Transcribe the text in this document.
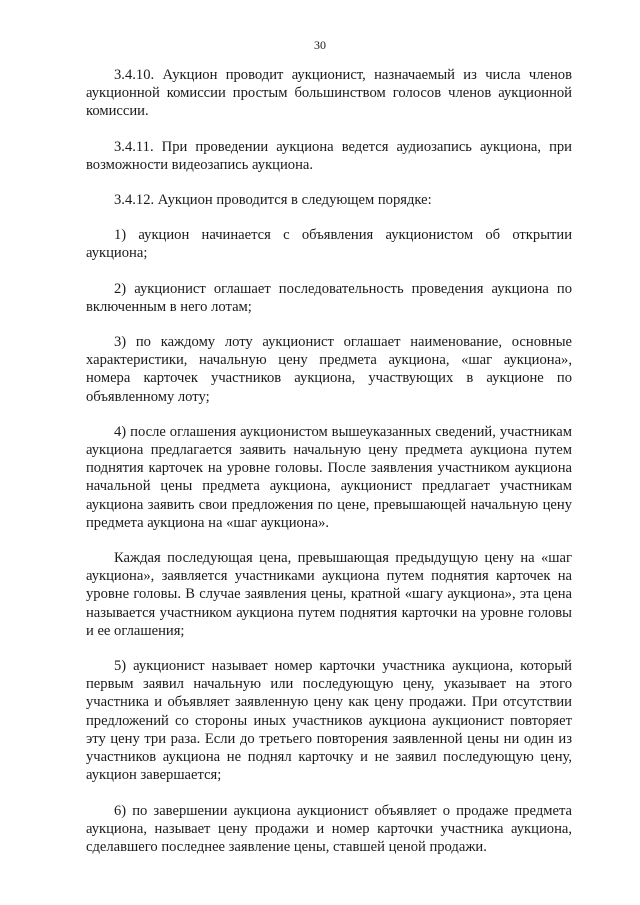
30

3.4.10. Аукцион проводит аукционист, назначаемый из числа членов аукционной комиссии простым большинством голосов членов аукционной комиссии.

3.4.11. При проведении аукциона ведется аудиозапись аукциона, при возможности видеозапись аукциона.

3.4.12. Аукцион проводится в следующем порядке:

1) аукцион начинается с объявления аукционистом об открытии аукциона;

2) аукционист оглашает последовательность проведения аукциона по включенным в него лотам;

3) по каждому лоту аукционист оглашает наименование, основные характеристики, начальную цену предмета аукциона, «шаг аукциона», номера карточек участников аукциона, участвующих в аукционе по объявленному лоту;

4) после оглашения аукционистом вышеуказанных сведений, участникам аукциона предлагается заявить начальную цену предмета аукциона путем поднятия карточек на уровне головы. После заявления участником аукциона начальной цены предмета аукциона, аукционист предлагает участникам аукциона заявить свои предложения по цене, превышающей начальную цену предмета аукциона на «шаг аукциона».

Каждая последующая цена, превышающая предыдущую цену на «шаг аукциона», заявляется участниками аукциона путем поднятия карточек на уровне головы. В случае заявления цены, кратной «шагу аукциона», эта цена называется участником аукциона путем поднятия карточки на уровне головы и ее оглашения;

5) аукционист называет номер карточки участника аукциона, который первым заявил начальную или последующую цену, указывает на этого участника и объявляет заявленную цену как цену продажи. При отсутствии предложений со стороны иных участников аукциона аукционист повторяет эту цену три раза. Если до третьего повторения заявленной цены ни один из участников аукциона не поднял карточку и не заявил последующую цену, аукцион завершается;

6) по завершении аукциона аукционист объявляет о продаже предмета аукциона, называет цену продажи и номер карточки участника аукциона, сделавшего последнее заявление цены, ставшей ценой продажи.
